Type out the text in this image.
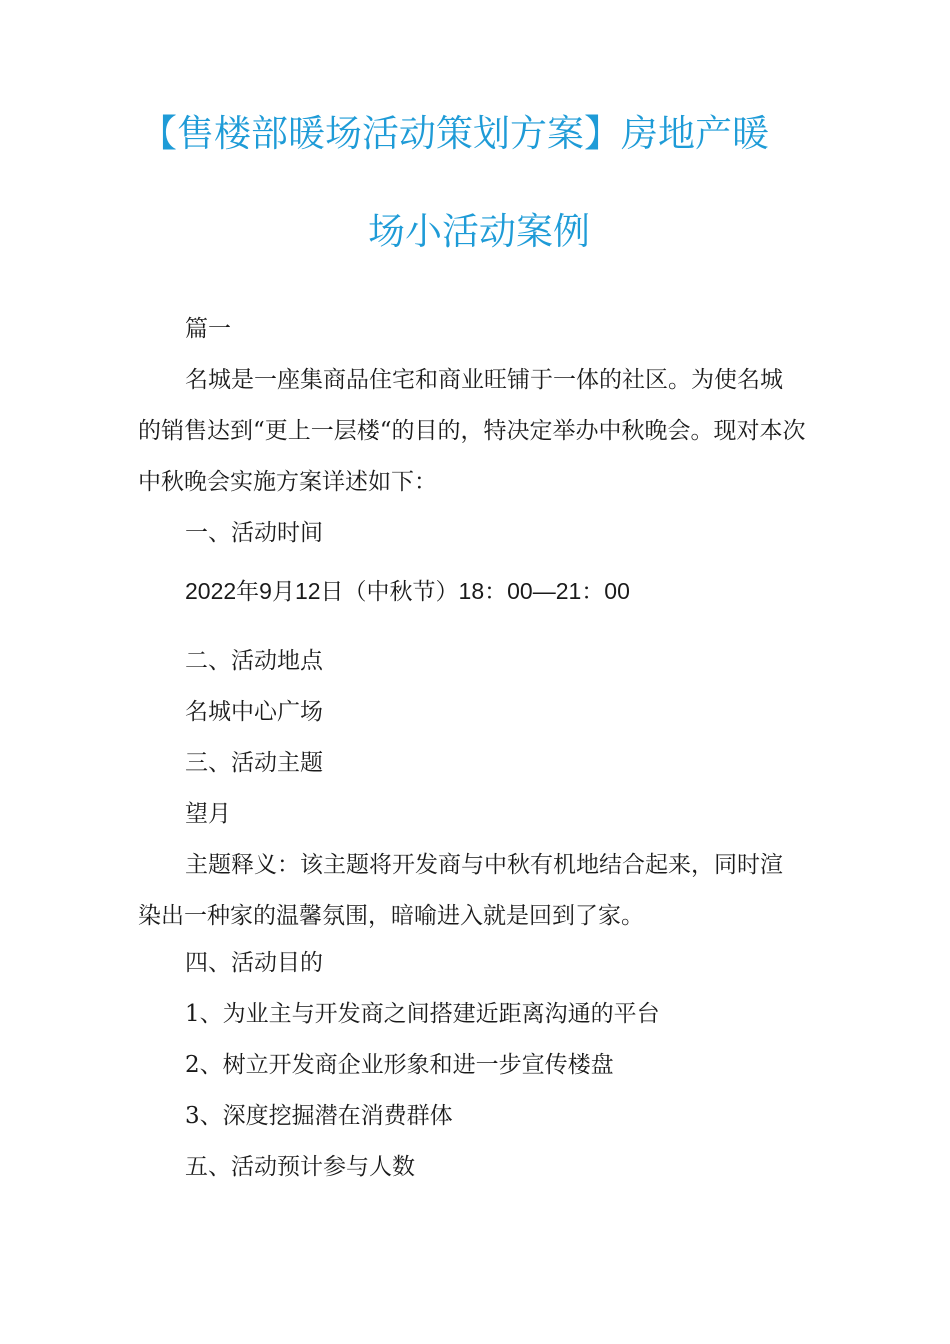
【售楼部暖场活动策划方案】房地产暖
场小活动案例
篇一
名城是一座集商品住宅和商业旺铺于一体的社区。为使名城
的销售达到“更上一层楼“的目的，特决定举办中秋晚会。现对本次
中秋晚会实施方案详述如下：
一、活动时间
2022年9月12日（中秋节）18：00—21：00
二、活动地点
名城中心广场
三、活动主题
望月
主题释义：该主题将开发商与中秋有机地结合起来，同时渲
染出一种家的温馨氛围，暗喻进入就是回到了家。
四、活动目的
1、为业主与开发商之间搭建近距离沟通的平台
2、树立开发商企业形象和进一步宣传楼盘
3、深度挖掘潜在消费群体
五、活动预计参与人数
